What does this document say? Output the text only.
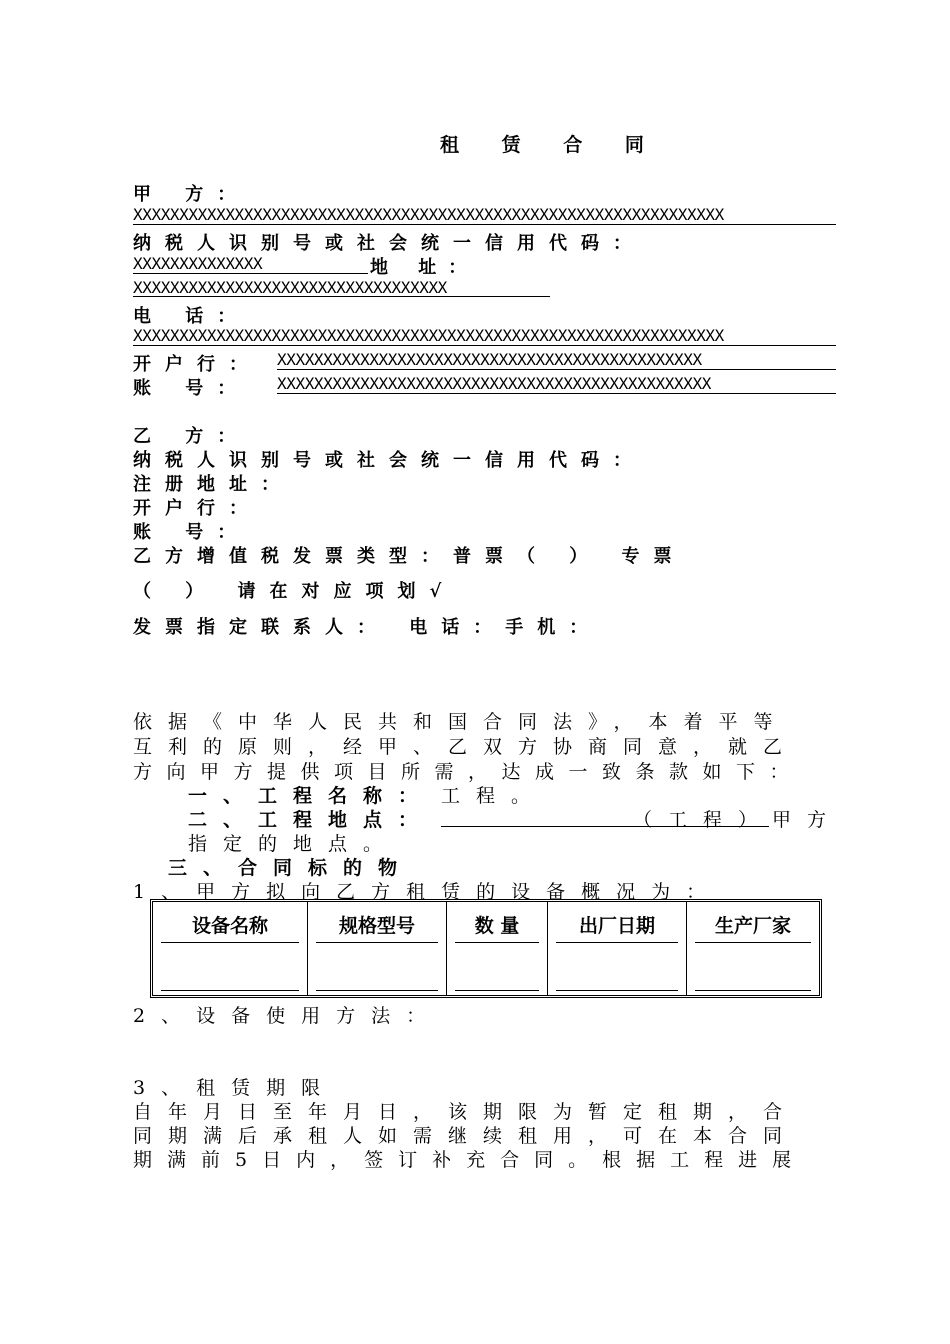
租 赁 合 同
甲 方：
XXXXXXXXXXXXXXXXXXXXXXXXXXXXXXXXXXXXXXXXXXXXXXXXXXXXXXXXXXXXXXXX
纳税人识别号或社会统一信用代码：
XXXXXXXXXXXXXX	地 址：
XXXXXXXXXXXXXXXXXXXXXXXXXXXXXXXXXX
电 话：
XXXXXXXXXXXXXXXXXXXXXXXXXXXXXXXXXXXXXXXXXXXXXXXXXXXXXXXXXXXXXXXX
开户行： XXXXXXXXXXXXXXXXXXXXXXXXXXXXXXXXXXXXXXXXXXXXXX
账 号： XXXXXXXXXXXXXXXXXXXXXXXXXXXXXXXXXXXXXXXXXXXXXXX
乙 方：
纳税人识别号或社会统一信用代码：
注册地址：
开户行：
账 号：
乙方增值税发票类型：普票（ ） 专票
（ ） 请在对应项划√
发票指定联系人： 电话：手机：
依据《中华人民共和国合同法》，本着平等
互利的原则，经甲、乙双方协商同意，就乙
方向甲方提供项目所需，达成一致条款如下：
一、工程名称： 工程。
二、工程地点：	（工程）
甲方
指定的地点。
三、合同标的物
1、甲方拟向乙方租赁的设备概况为：
设备名称	规格型号	数 量	出厂日期	生产厂家

2、设备使用方法：
3、租赁期限
自年月日至年月日，该期限为暂定租期，合
同期满后承租人如需继续租用，可在本合同
期满前5日内，签订补充合同。根据工程进展
